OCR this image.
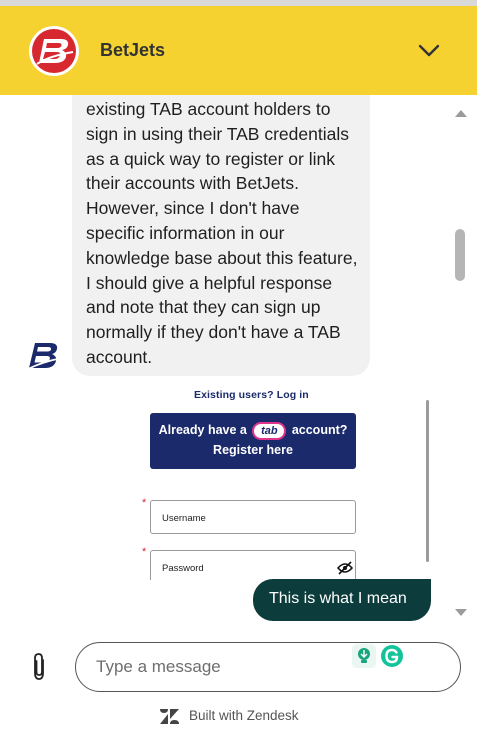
BetJets

existing TAB account holders to sign in using their TAB credentials as a quick way to register or link their accounts with BetJets. However, since I don't have specific information in our knowledge base about this feature, I should give a helpful response and note that they can sign up normally if they don't have a TAB account.

Existing users? Log in
Already have a tab account?
Register here
*
Username
*
Password
This is what I mean
Type a message
Built with Zendesk
